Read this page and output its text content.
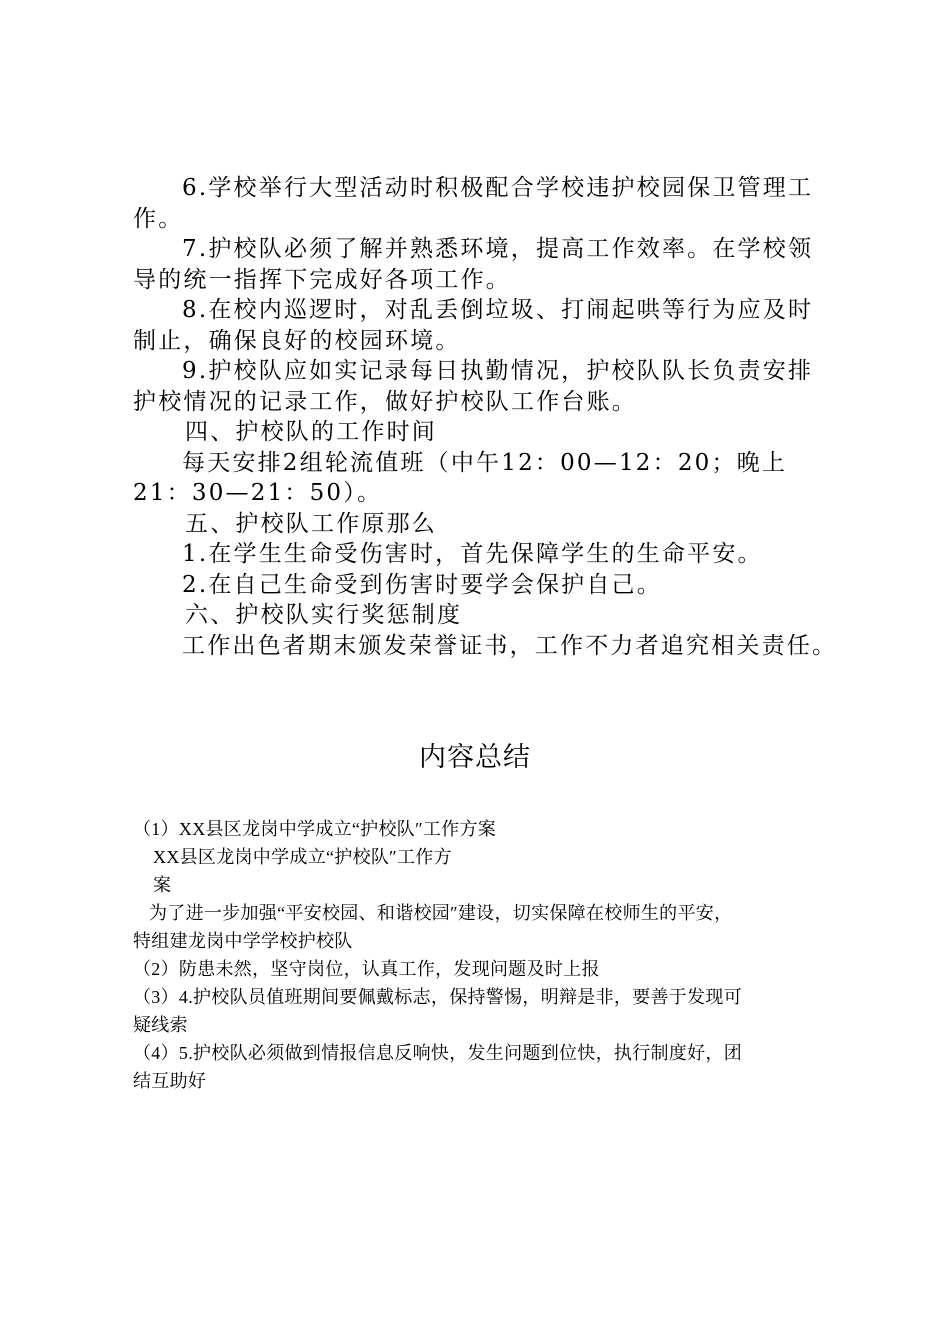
6.学校举行大型活动时积极配合学校违护校园保卫管理工
作。

7.护校队必须了解并熟悉环境，提高工作效率。在学校领
导的统一指挥下完成好各项工作。

8.在校内巡逻时，对乱丢倒垃圾、打闹起哄等行为应及时
制止，确保良好的校园环境。

9.护校队应如实记录每日执勤情况，护校队队长负责安排
护校情况的记录工作，做好护校队工作台账。

四、护校队的工作时间

每天安排2组轮流值班（中午12：00—12：20；晚上
21：30—21：50）。

五、护校队工作原那么

1.在学生生命受伤害时，首先保障学生的生命平安。

2.在自己生命受到伤害时要学会保护自己。

六、护校队实行奖惩制度

工作出色者期末颁发荣誉证书，工作不力者追究相关责任。

内容总结

（1）XX县区龙岗中学成立“护校队″工作方案

XX县区龙岗中学成立“护校队″工作方

案

为了进一步加强“平安校园、和谐校园″建设，切实保障在校师生的平安，
特组建龙岗中学学校护校队

（2）防患未然，坚守岗位，认真工作，发现问题及时上报

（3）4.护校队员值班期间要佩戴标志，保持警惕，明辩是非，要善于发现可
疑线索

（4）5.护校队必须做到情报信息反响快，发生问题到位快，执行制度好，团
结互助好
